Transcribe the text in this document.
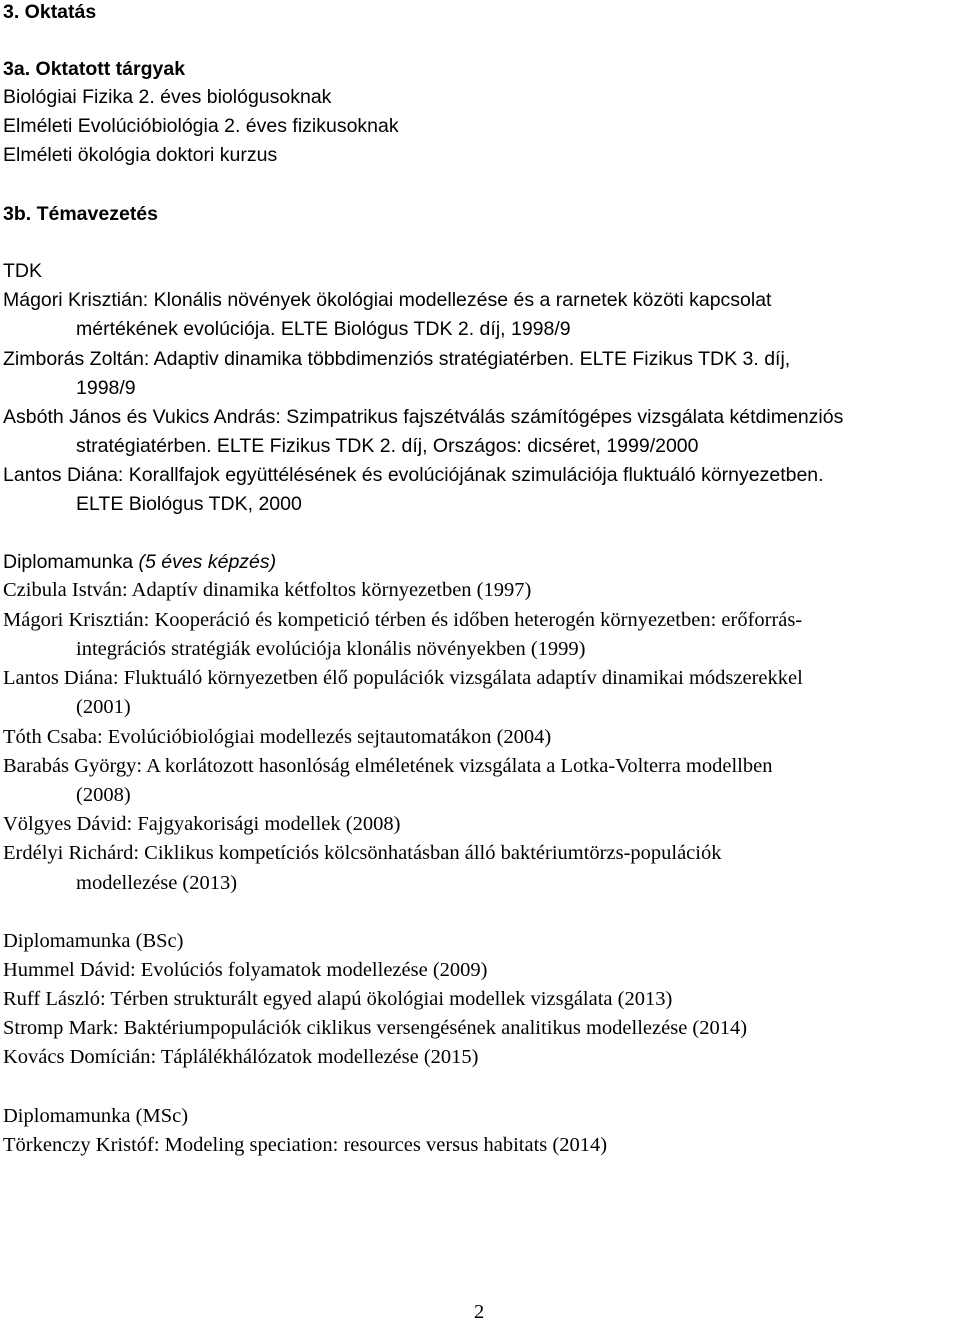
3. Oktatás
3a. Oktatott tárgyak
Biológiai Fizika 2. éves biológusoknak
Elméleti Evolúcióbiológia 2. éves fizikusoknak
Elméleti ökológia doktori kurzus
3b. Témavezetés
TDK
Mágori Krisztián: Klonális növények ökológiai modellezése és a rarnetek közöti kapcsolat
mértékének evolúciója. ELTE Biológus TDK 2. díj, 1998/9
Zimborás Zoltán: Adaptiv dinamika többdimenziós stratégiatérben. ELTE Fizikus TDK 3. díj,
1998/9
Asbóth János és Vukics András: Szimpatrikus fajszétválás számítógépes vizsgálata kétdimenziós
stratégiatérben. ELTE Fizikus TDK 2. díj, Országos: dicséret, 1999/2000
Lantos Diána: Korallfajok együttélésének és evolúciójának szimulációja fluktuáló környezetben.
ELTE Biológus TDK, 2000
Diplomamunka (5 éves képzés)
Czibula István: Adaptív dinamika kétfoltos környezetben (1997)
Mágori Krisztián: Kooperáció és kompetició térben és időben heterogén környezetben: erőforrás-
integrációs stratégiák evolúciója klonális növényekben (1999)
Lantos Diána: Fluktuáló környezetben élő populációk vizsgálata adaptív dinamikai módszerekkel
(2001)
Tóth Csaba: Evolúcióbiológiai modellezés sejtautomatákon (2004)
Barabás György: A korlátozott hasonlóság elméletének vizsgálata a Lotka-Volterra modellben
(2008)
Völgyes Dávid: Fajgyakorisági modellek (2008)
Erdélyi Richárd: Ciklikus kompetíciós kölcsönhatásban álló baktériumtörzs-populációk
modellezése (2013)
Diplomamunka (BSc)
Hummel Dávid: Evolúciós folyamatok modellezése (2009)
Ruff László: Térben strukturált egyed alapú ökológiai modellek vizsgálata (2013)
Stromp Mark: Baktériumpopulációk ciklikus versengésének analitikus modellezése (2014)
Kovács Domícián: Táplálékhálózatok modellezése (2015)
Diplomamunka (MSc)
Törkenczy Kristóf: Modeling speciation: resources versus habitats (2014)
2
